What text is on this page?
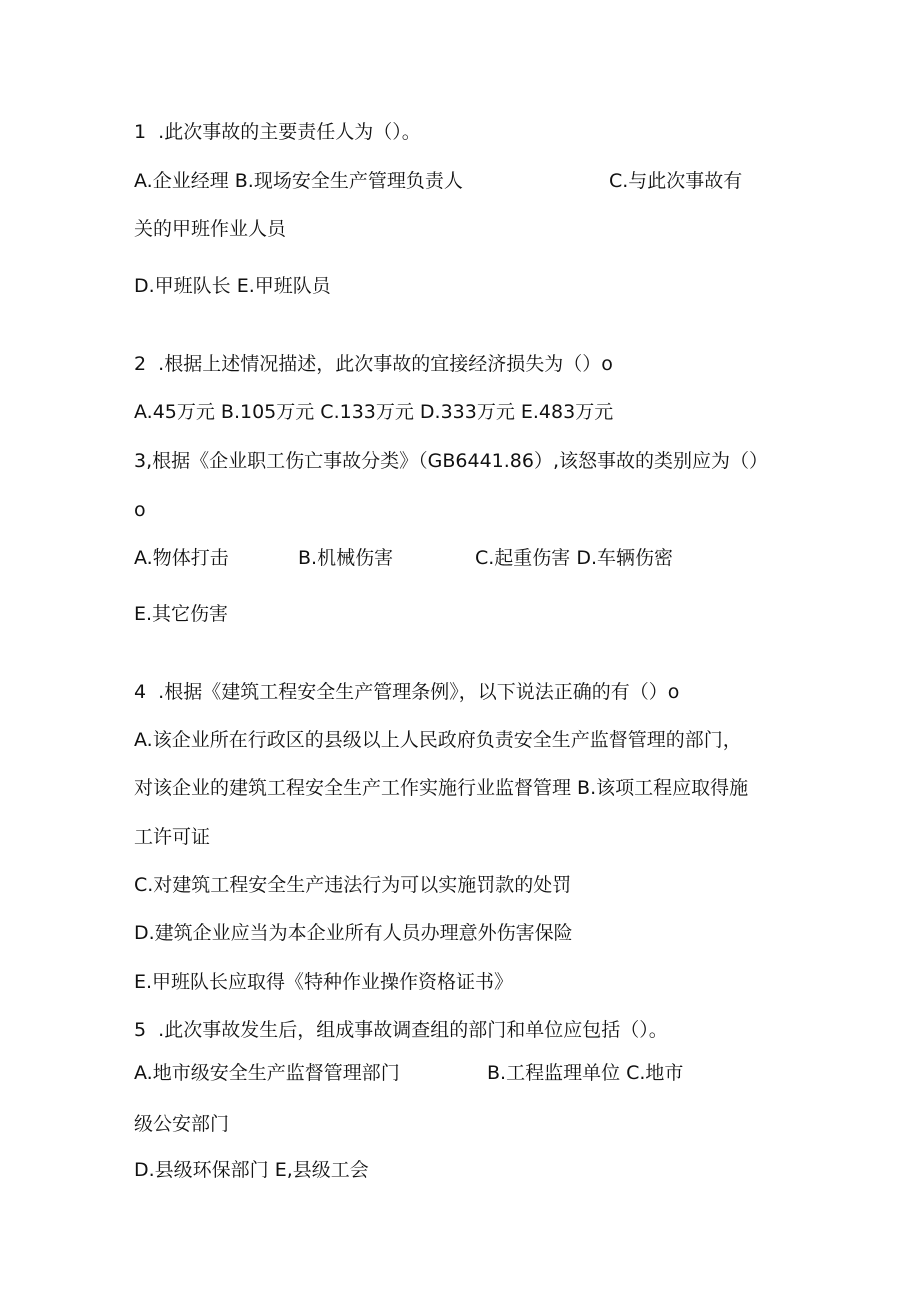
1  .此次事故的主要责任人为（）。
A.企业经理 B.现场安全生产管理负责人	C.与此次事故有
关的甲班作业人员
D.甲班队长 E.甲班队员
2  .根据上述情况描述，此次事故的宜接经济损失为（）o
A.45万元 B.105万元 C.133万元 D.333万元 E.483万元
3,根据《企业职工伤亡事故分类》（GB6441.86）,该怒事故的类别应为（）
o
A.物体打击	B.机械伤害	C.起重伤害 D.车辆伤密
E.其它伤害
4  .根据《建筑工程安全生产管理条例》，以下说法正确的有（）o
A.该企业所在行政区的县级以上人民政府负责安全生产监督管理的部门，
对该企业的建筑工程安全生产工作实施行业监督管理 B.该项工程应取得施
工许可证
C.对建筑工程安全生产违法行为可以实施罚款的处罚
D.建筑企业应当为本企业所有人员办理意外伤害保险
E.甲班队长应取得《特种作业操作资格证书》
5  .此次事故发生后，组成事故调查组的部门和单位应包括（）。
A.地市级安全生产监督管理部门	B.工程监理单位 C.地市
级公安部门
D.县级环保部门 E,县级工会
